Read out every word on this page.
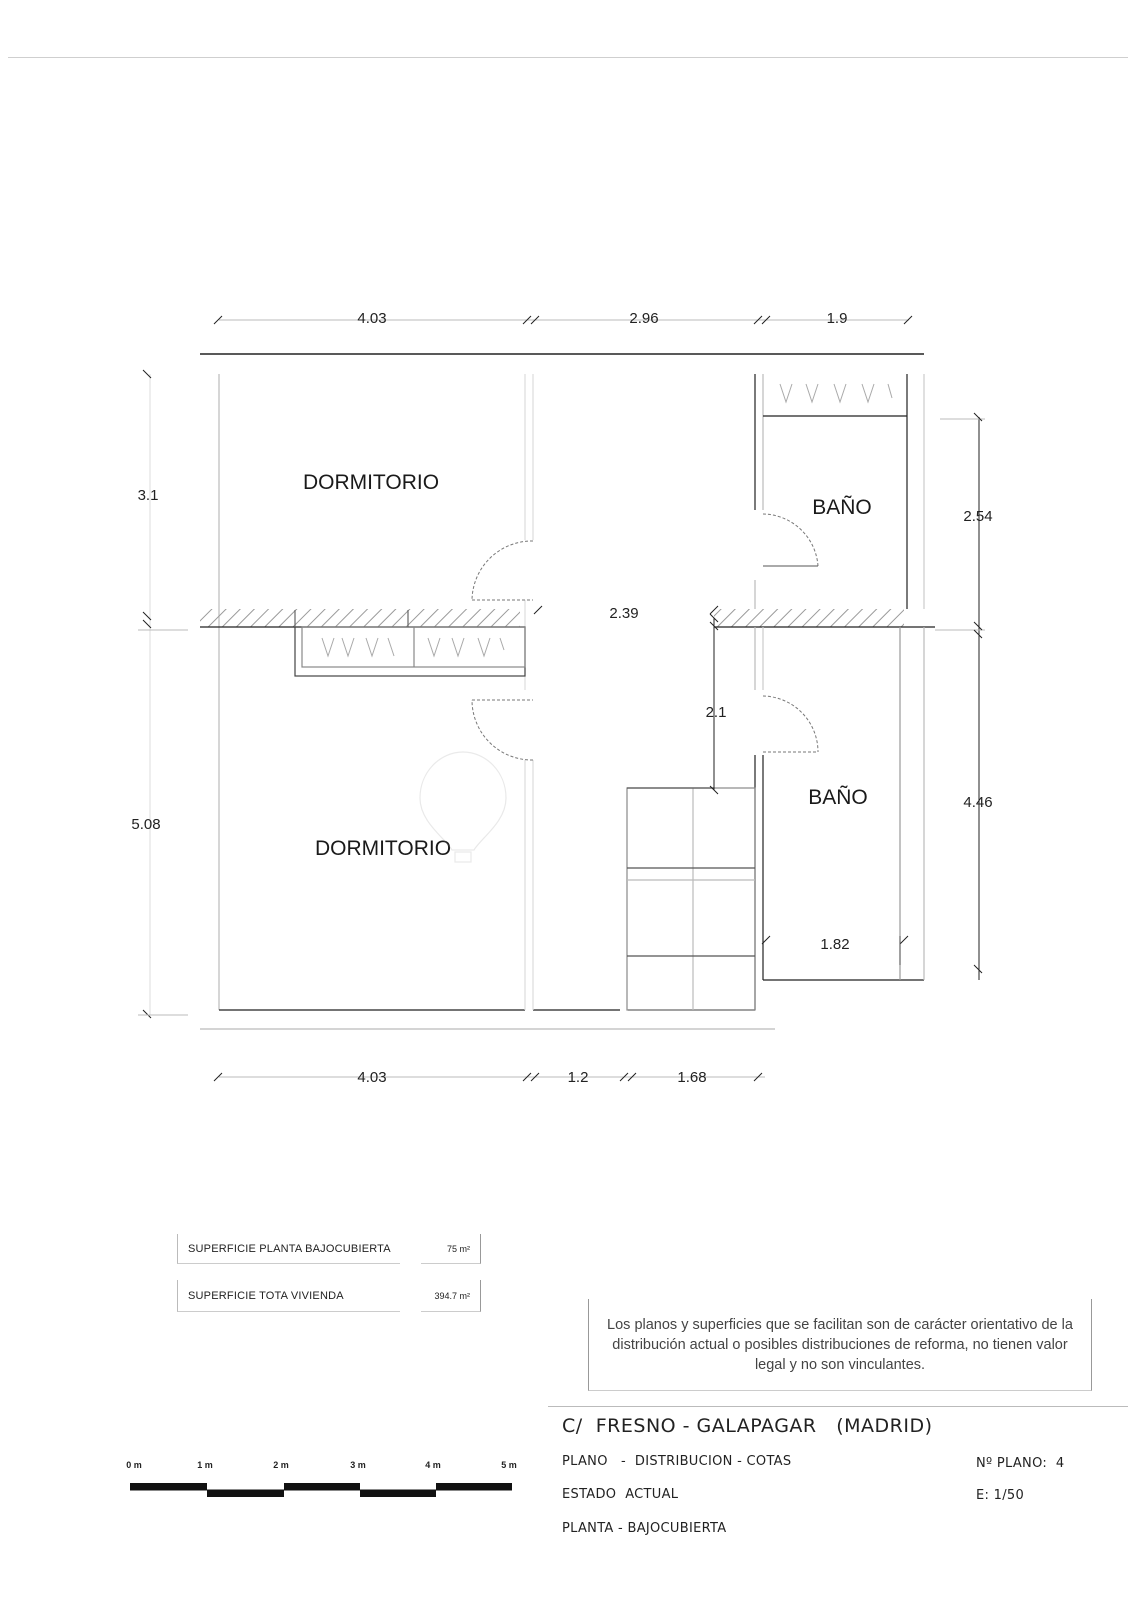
4.03	2.96	1.9
4.03	1.2	1.68
3.1
5.08
2.54
4.46
2.39
2.1
1.82
DORMITORIO
BAÑO
BAÑO
DORMITORIO
0 m	1 m	2 m	3 m	4 m	5 m
SUPERFICIE PLANTA BAJOCUBIERTA	75 m²
SUPERFICIE TOTA VIVIENDA	394.7 m²
Los planos y superficies que se facilitan son de carácter orientativo de la distribución actual o posibles distribuciones de reforma, no tienen valor legal y no son vinculantes.
C/  FRESNO - GALAPAGAR   (MADRID)
PLANO   -  DISTRIBUCION - COTAS
ESTADO  ACTUAL
PLANTA - BAJOCUBIERTA
Nº PLANO:  4
E: 1/50
